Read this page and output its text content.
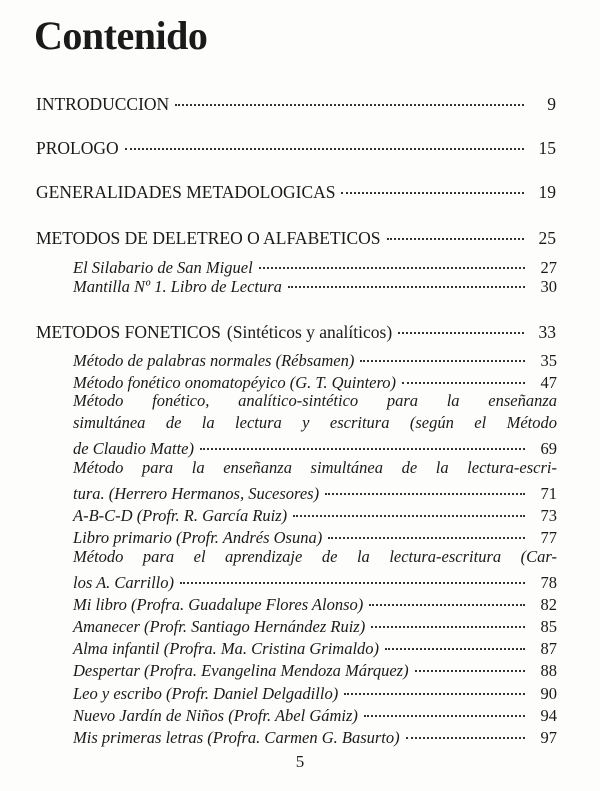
Contenido
INTRODUCCION	9
PROLOGO	15
GENERALIDADES METADOLOGICAS	19
METODOS DE DELETREO O ALFABETICOS	25
El Silabario de San Miguel	27
Mantilla Nº 1. Libro de Lectura	30
METODOS FONETICOS (Sintéticos y analíticos)	33
Método de palabras normales (Rébsamen)	35
Método fonético onomatopéyico (G. T. Quintero)	47
Método fonético, analítico-sintético para la enseñanza
simultánea de la lectura y escritura (según el Método
de Claudio Matte)	69
Método para la enseñanza simultánea de la lectura-escri-
tura. (Herrero Hermanos, Sucesores)	71
A-B-C-D (Profr. R. García Ruiz)	73
Libro primario (Profr. Andrés Osuna)	77
Método para el aprendizaje de la lectura-escritura (Car-
los A. Carrillo)	78
Mi libro (Profra. Guadalupe Flores Alonso)	82
Amanecer (Profr. Santiago Hernández Ruiz)	85
Alma infantil (Profra. Ma. Cristina Grimaldo)	87
Despertar (Profra. Evangelina Mendoza Márquez)	88
Leo y escribo (Profr. Daniel Delgadillo)	90
Nuevo Jardín de Niños (Profr. Abel Gámiz)	94
Mis primeras letras (Profra. Carmen G. Basurto)	97
5
